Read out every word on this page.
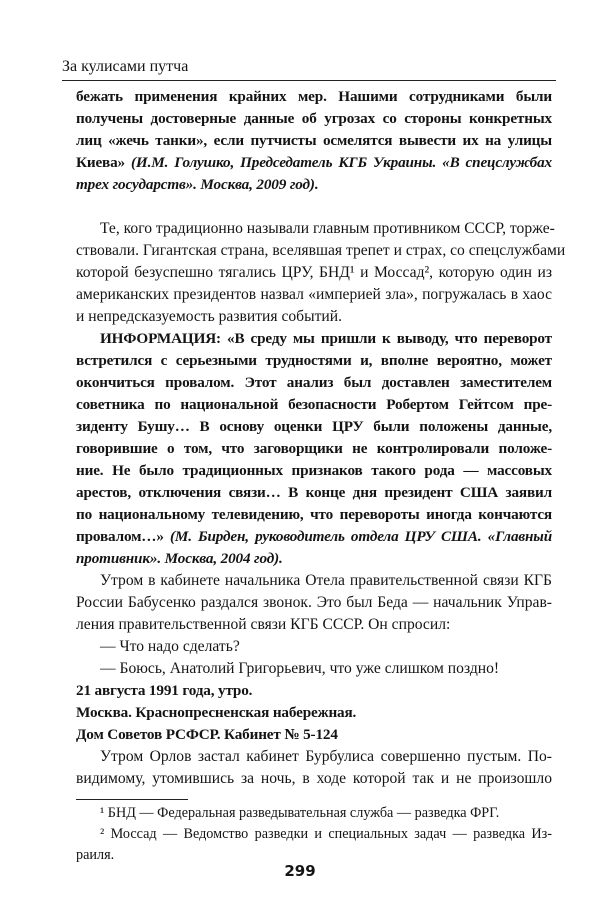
За кулисами путча
бежать применения крайних мер. Нашими сотрудниками были
получены достоверные данные об угрозах со стороны конкретных
лиц «жечь танки», если путчисты осмелятся вывести их на улицы
Киева» (И.М. Голушко, Председатель КГБ Украины. «В спецслужбах
трех государств». Москва, 2009 год).
Те, кого традиционно называли главным противником СССР, торже-
ствовали. Гигантская страна, вселявшая трепет и страх, со спецслужбами
которой безуспешно тягались ЦРУ, БНД¹ и Моссад², которую один из
американских президентов назвал «империей зла», погружалась в хаос
и непредсказуемость развития событий.
ИНФОРМАЦИЯ: «В среду мы пришли к выводу, что переворот
встретился с серьезными трудностями и, вполне вероятно, может
окончиться провалом. Этот анализ был доставлен заместителем
советника по национальной безопасности Робертом Гейтсом пре-
зиденту Бушу… В основу оценки ЦРУ были положены данные,
говорившие о том, что заговорщики не контролировали положе-
ние. Не было традиционных признаков такого рода — массовых
арестов, отключения связи… В конце дня президент США заявил
по национальному телевидению, что перевороты иногда кончаются
провалом…» (М. Бирден, руководитель отдела ЦРУ США. «Главный
противник». Москва, 2004 год).
Утром в кабинете начальника Отела правительственной связи КГБ
России Бабусенко раздался звонок. Это был Беда — начальник Управ-
ления правительственной связи КГБ СССР. Он спросил:
— Что надо сделать?
— Боюсь, Анатолий Григорьевич, что уже слишком поздно!
21 августа 1991 года, утро.
Москва. Краснопресненская набережная.
Дом Советов РСФСР. Кабинет № 5-124
Утром Орлов застал кабинет Бурбулиса совершенно пустым. По-
видимому, утомившись за ночь, в ходе которой так и не произошло
¹ БНД — Федеральная разведывательная служба — разведка ФРГ.
² Моссад — Ведомство разведки и специальных задач — разведка Из-
раиля.
299
